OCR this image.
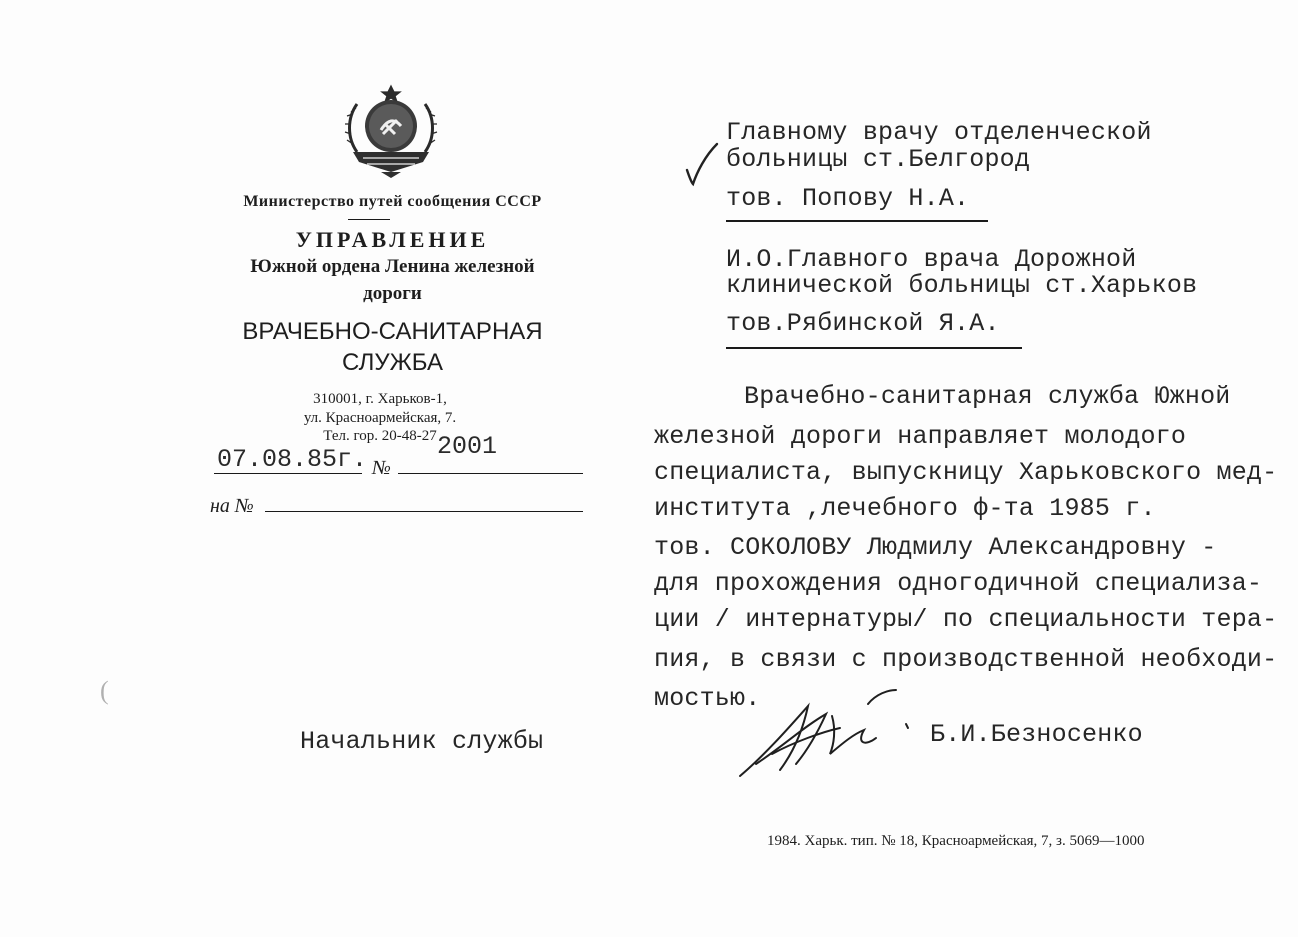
Министерство путей сообщения СССР
УПРАВЛЕНИЕ
Южной ордена Ленина железной
дороги
ВРАЧЕБНО-САНИТАРНАЯ
СЛУЖБА
310001, г. Харьков-1,
ул. Красноармейская, 7.
Тел. гор. 20-48-27
07.08.85г. №
2001
на №
Главному врачу отделенческой
больницы ст.Белгород
тов. Попову Н.А.
И.О.Главного врача Дорожной
клинической больницы ст.Харьков
тов.Рябинской Я.А.
Врачебно-санитарная служба Южной
железной дороги направляет молодого
специалиста, выпускницу Харьковского мед-
института ,лечебного ф-та 1985 г.
тов. СОКОЛОВУ Людмилу Александровну -
для прохождения одногодичной специализа-
ции / интернатуры/ по специальности тера-
пия, в связи с производственной необходи-
мостью.
Начальник службы	Б.И.Безносенко
1984. Харьк. тип. № 18, Красноармейская, 7, з. 5069—1000
(
